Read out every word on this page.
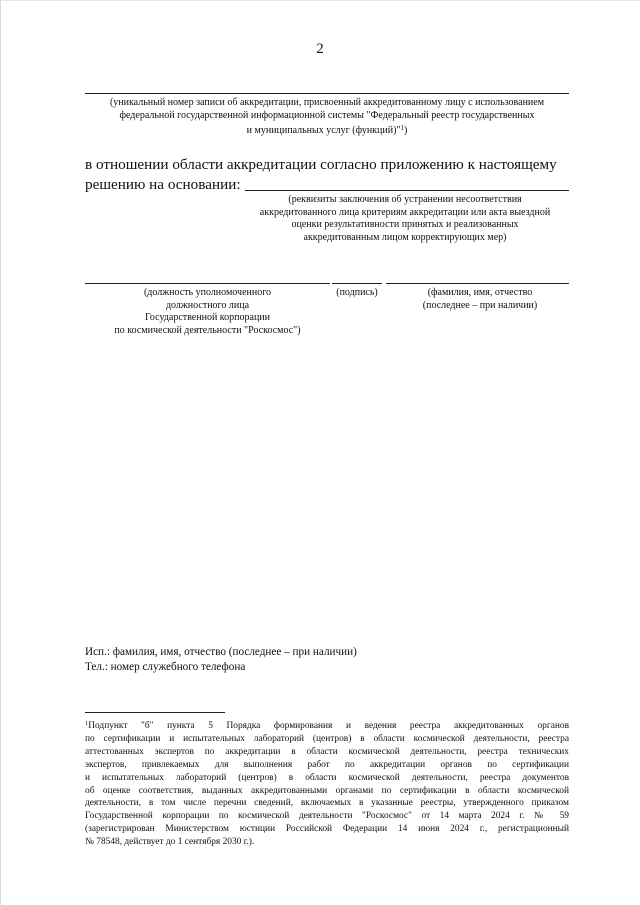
2
(уникальный номер записи об аккредитации, присвоенный аккредитованному лицу с использованием
федеральной государственной информационной системы "Федеральный реестр государственных
и муниципальных услуг (функций)"$^1$)
в отношении области аккредитации согласно приложению к настоящему
решению на основании:
(реквизиты заключения об устранении несоответствия
аккредитованного лица критериям аккредитации или акта выездной
оценки результативности принятых и реализованных
аккредитованным лицом корректирующих мер)
(должность уполномоченного
должностного лица
Государственной корпорации
по космической деятельности "Роскосмос")
(подпись)	(фамилия, имя, отчество
(последнее – при наличии)
Исп.: фамилия, имя, отчество (последнее – при наличии)
Тел.: номер служебного телефона
$^1$Подпункт "б" пункта 5 Порядка формирования и ведения реестра аккредитованных органов
по сертификации и испытательных лабораторий (центров) в области космической деятельности, реестра
аттестованных экспертов по аккредитации в области космической деятельности, реестра технических
экспертов, привлекаемых для выполнения работ по аккредитации органов по сертификации
и испытательных лабораторий (центров) в области космической деятельности, реестра документов
об оценке соответствия, выданных аккредитованными органами по сертификации в области космической
деятельности, в том числе перечни сведений, включаемых в указанные реестры, утвержденного приказом
Государственной корпорации по космической деятельности "Роскосмос" от 14 марта 2024 г. № 59
(зарегистрирован Министерством юстиции Российской Федерации 14 июня 2024 г., регистрационный
№ 78548, действует до 1 сентября 2030 г.).
